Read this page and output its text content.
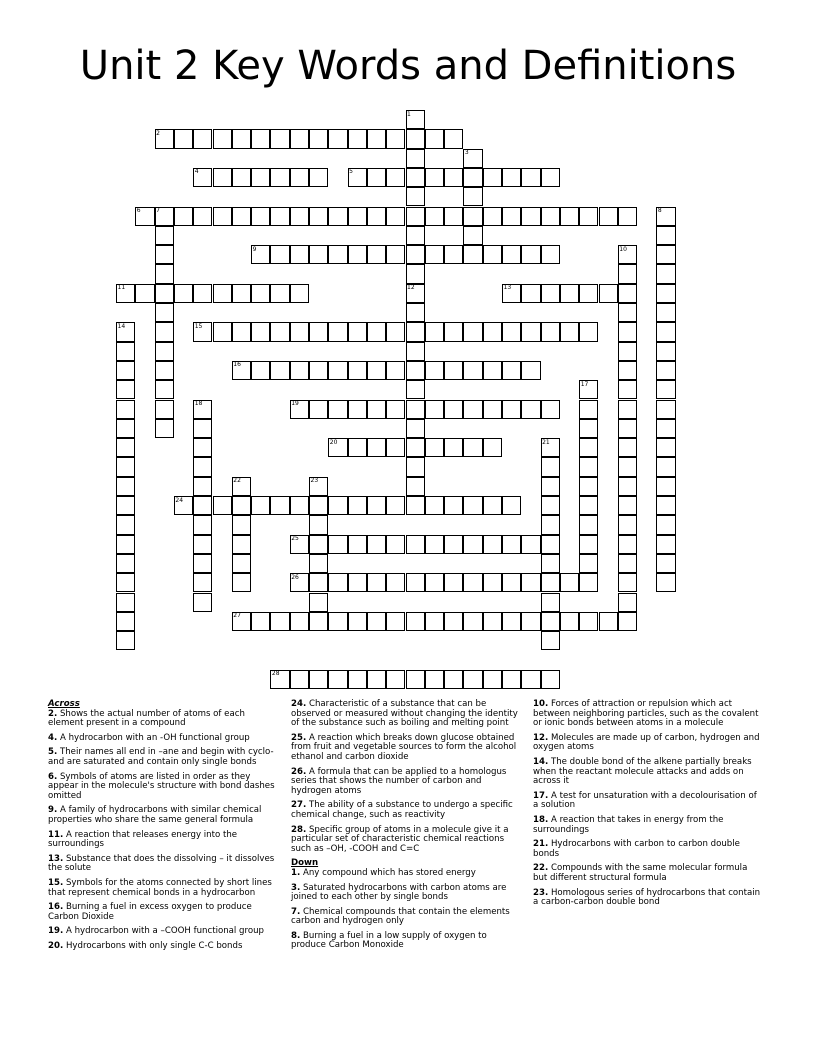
Unit 2 Key Words and Definitions
2
4	5
6
9
11	13
15
16
19
20
24
25
26
27
28
1
3
7	8
10
12
14
17
18
21
22	23
Across
2. Shows the actual number of atoms of each element present in a compound
4. A hydrocarbon with an -OH functional group
5. Their names all end in –ane and begin with cyclo- and are saturated and contain only single bonds
6. Symbols of atoms are listed in order as they appear in the molecule's structure with bond dashes omitted
9. A family of hydrocarbons with similar chemical properties who share the same general formula
11. A reaction that releases energy into the surroundings
13. Substance that does the dissolving – it dissolves the solute
15. Symbols for the atoms connected by short lines that represent chemical bonds in a hydrocarbon
16. Burning a fuel in excess oxygen to produce Carbon Dioxide
19. A hydrocarbon with a –COOH functional group
20. Hydrocarbons with only single C-C bonds
24. Characteristic of a substance that can be observed or measured without changing the identity of the substance such as boiling and melting point
25. A reaction which breaks down glucose obtained from fruit and vegetable sources to form the alcohol ethanol and carbon dioxide
26. A formula that can be applied to a homologus series that shows the number of carbon and hydrogen atoms
27. The ability of a substance to undergo a specific chemical change, such as reactivity
28. Specific group of atoms in a molecule give it a particular set of characteristic chemical reactions such as –OH, -COOH and C=C
Down
1. Any compound which has stored energy
3. Saturated hydrocarbons with carbon atoms are joined to each other by single bonds
7. Chemical compounds that contain the elements carbon and hydrogen only
8. Burning a fuel in a low supply of oxygen to produce Carbon Monoxide
10. Forces of attraction or repulsion which act between neighboring particles, such as the covalent or ionic bonds between atoms in a molecule
12. Molecules are made up of carbon, hydrogen and oxygen atoms
14. The double bond of the alkene partially breaks when the reactant molecule attacks and adds on across it
17. A test for unsaturation with a decolourisation of a solution
18. A reaction that takes in energy from the surroundings
21. Hydrocarbons with carbon to carbon double bonds
22. Compounds with the same molecular formula but different structural formula
23. Homologous series of hydrocarbons that contain a carbon-carbon double bond
